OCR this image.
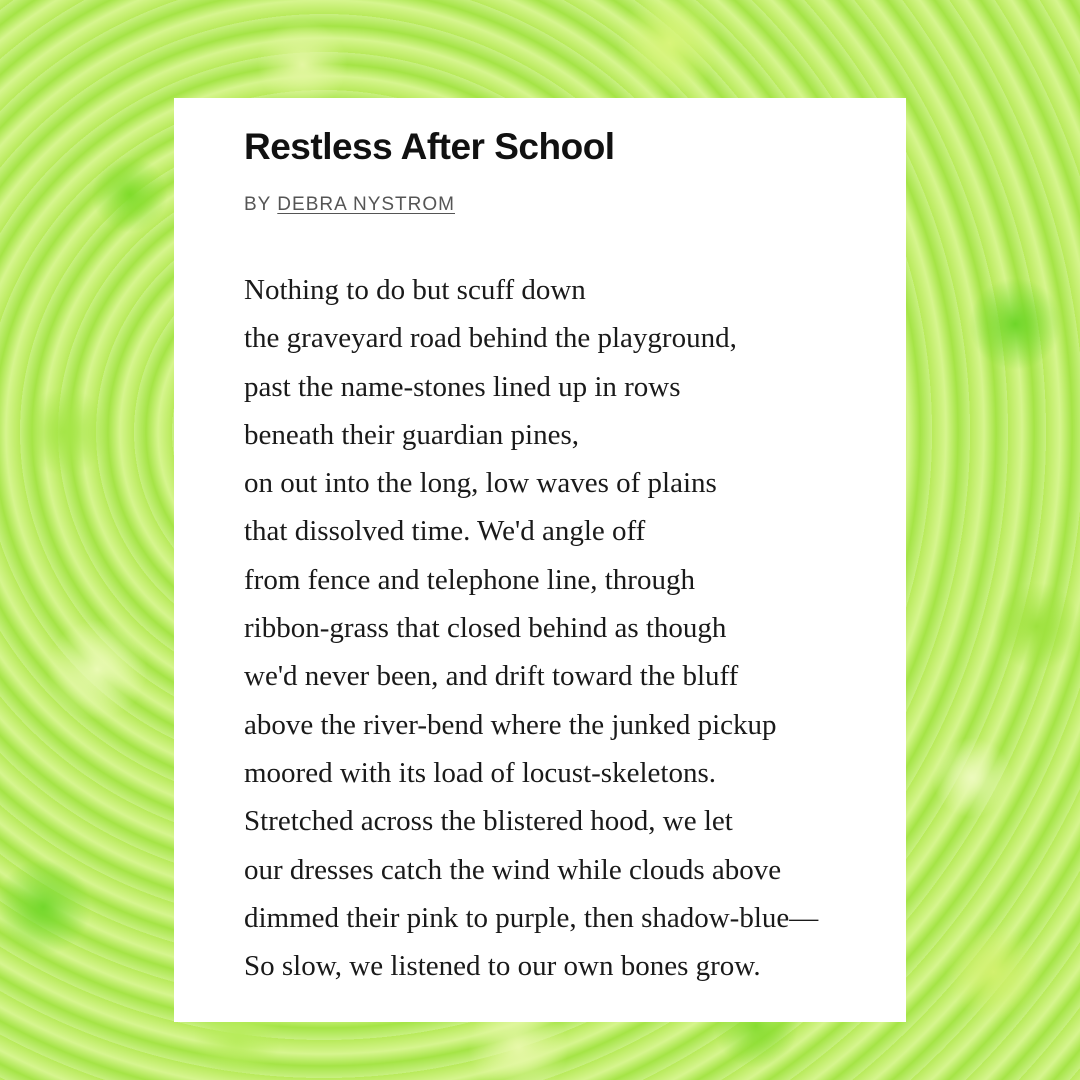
Restless After School
BY DEBRA NYSTROM
Nothing to do but scuff down
the graveyard road behind the playground,
past the name-stones lined up in rows
beneath their guardian pines,
on out into the long, low waves of plains
that dissolved time. We'd angle off
from fence and telephone line, through
ribbon-grass that closed behind as though
we'd never been, and drift toward the bluff
above the river-bend where the junked pickup
moored with its load of locust-skeletons.
Stretched across the blistered hood, we let
our dresses catch the wind while clouds above
dimmed their pink to purple, then shadow-blue—
So slow, we listened to our own bones grow.
